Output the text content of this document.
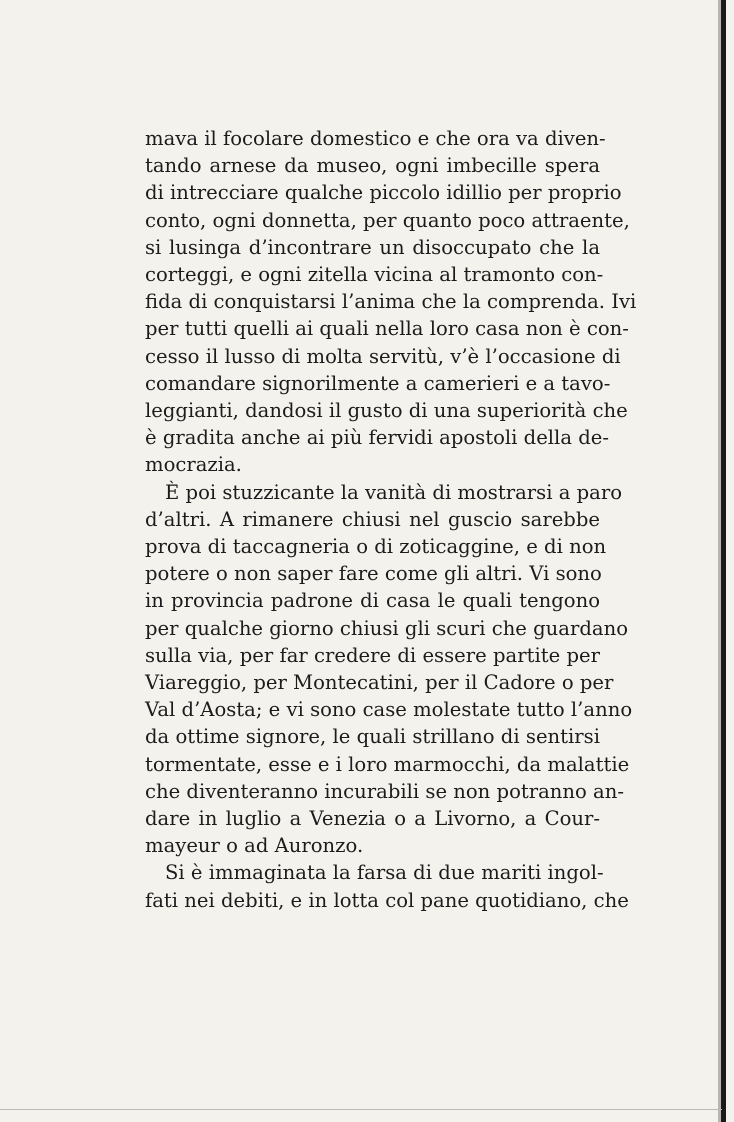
mava il focolare domestico e che ora va diven-
tando arnese da museo, ogni imbecille spera
di intrecciare qualche piccolo idillio per proprio
conto, ogni donnetta, per quanto poco attraente,
si lusinga d’incontrare un disoccupato che la
corteggi, e ogni zitella vicina al tramonto con-
fida di conquistarsi l’anima che la comprenda. Ivi
per tutti quelli ai quali nella loro casa non è con-
cesso il lusso di molta servitù, v’è l’occasione di
comandare signorilmente a camerieri e a tavo-
leggianti, dandosi il gusto di una superiorità che
è gradita anche ai più fervidi apostoli della de-
mocrazia.
È poi stuzzicante la vanità di mostrarsi a paro
d’altri. A rimanere chiusi nel guscio sarebbe
prova di taccagneria o di zoticaggine, e di non
potere o non saper fare come gli altri. Vi sono
in provincia padrone di casa le quali tengono
per qualche giorno chiusi gli scuri che guardano
sulla via, per far credere di essere partite per
Viareggio, per Montecatini, per il Cadore o per
Val d’Aosta; e vi sono case molestate tutto l’anno
da ottime signore, le quali strillano di sentirsi
tormentate, esse e i loro marmocchi, da malattie
che diventeranno incurabili se non potranno an-
dare in luglio a Venezia o a Livorno, a Cour-
mayeur o ad Auronzo.
Si è immaginata la farsa di due mariti ingol-
fati nei debiti, e in lotta col pane quotidiano, che
